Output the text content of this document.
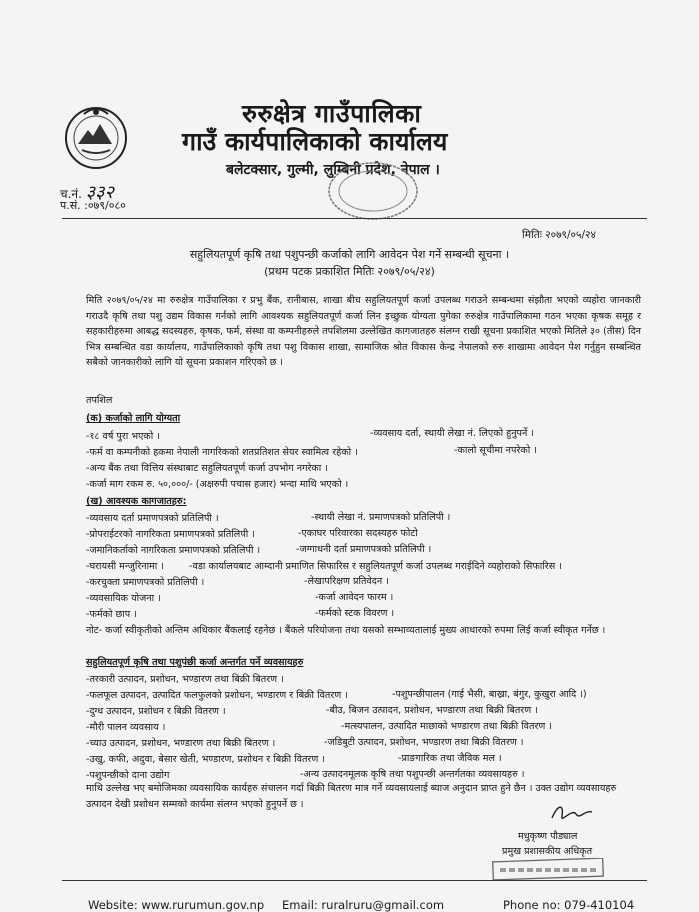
रुरुक्षेत्र गाउँपालिका
गाउँ कार्यपालिकाको कार्यालय
बलेटक्सार, गुल्मी, लुम्बिनी प्रदेश, नेपाल ।
च.नं. ३३२
प.सं. :०७९/०८०
मितिः २०७९/०५/२४
सहुलियतपूर्ण कृषि तथा पशुपन्छी कर्जाको लागि आवेदन पेश गर्ने सम्बन्धी सूचना ।
(प्रथम पटक प्रकाशित मितिः २०७९/०५/२४)
मिति २०७९/०५/२४ मा रुरुक्षेत्र गाउँपालिका र प्रभु बैंक, रानीबास, शाखा बीच सहुलियतपूर्ण कर्जा उपलब्ध गराउने सम्बन्धमा संझौता भएको व्यहोरा जानकारी गराउदै कृषि तथा पशु उद्यम विकास गर्नको लागि आवश्यक सहुलियतपूर्ण कर्जा लिन इच्छुक योग्यता पुगेका रुरुक्षेत्र गाउँपालिकामा गठन भएका कृषक समूह र सहकारीहरुमा आबद्ध सदस्यहरु, कृषक, फर्म, संस्था वा कम्पनीहरुले तपशिलमा उल्लेखित कागजातहरु संलग्न राखी सूचना प्रकाशित भएको मितिले ३० (तीस) दिन भित्र सम्बन्धित वडा कार्यालय, गाउँपालिकाको कृषि तथा पशु विकास शाखा, सामाजिक श्रोत विकास केन्द्र नेपालको रुरु शाखामा आवेदन पेश गर्नुहुन सम्बन्धित सबैको जानकारीको लागि यो सूचना प्रकाशन गरिएको छ ।
तपशिल
(क) कर्जाको लागि योग्यता
-१८ वर्ष पुरा भएको ।	-व्यवसाय दर्ता, स्थायी लेखा नं. लिएको हुनुपर्ने ।
-फर्म वा कम्पनीको हकमा नेपाली नागरिकको शतप्रतिशत सेयर स्वामित्व रहेको ।	-कालो सूचीमा नपरेको ।
-अन्य बैंक तथा वित्तिय संस्थाबाट सहुलियतपूर्ण कर्जा उपभोग नगरेका ।
-कर्जा माग रकम रु. ५०,०००/- (अक्षरुपी पचास हजार) भन्दा माथि भएको ।
(ख) आवश्यक कागजातहरु:
-व्यवसाय दर्ता प्रमाणपत्रको प्रतिलिपी ।	-स्थायी लेखा नं. प्रमाणपत्रको प्रतिलिपी ।
-प्रोपराईटरको नागरिकता प्रमाणपत्रको प्रतिलिपी ।	-एकाघर परिवारका सदस्यहरु फोटो
-जमानिकर्ताको नागरिकता प्रमाणपत्रको प्रतिलिपी ।	-जग्गाधनी दर्ता प्रमाणपत्रको प्रतिलिपी ।
-घरायसी मन्जुरिनामा ।	-वडा कार्यालयबाट आम्दानी प्रमाणित सिफारिस र सहुलियतपूर्ण कर्जा उपलब्ध गराईदिने व्यहोराको सिफारिस ।
-करचुक्ता प्रमाणपत्रको प्रतिलिपी ।	-लेखापरिक्षण प्रतिवेदन ।
-व्यवसायिक योजना ।	-कर्जा आवेदन फारम ।
-फर्मको छाप ।	-फर्मको स्टक विवरण ।
नोट- कर्जा स्वीकृतीको अन्तिम अधिकार बैंकलाई रहनेछ । बैंकले परियोजना तथा यसको सम्भाव्यतालाई मुख्य आधारको रुपमा लिई कर्जा स्वीकृत गर्नेछ ।
सहुलियतपूर्ण कृषि तथा पशुपंछी कर्जा अन्तर्गत पर्ने व्यवसायहरु
-तरकारी उत्पादन, प्रशोधन, भण्डारण तथा बिक्री बितरण ।
-फलफूल उत्पादन, उत्पादित फलफुलको प्रशोधन, भण्डारण र बिक्री वितरण ।	-पशुपन्छीपालन (गाई भैसी, बाख्रा, बंगुर, कुखुरा आदि ।)
-दुग्ध उत्पादन, प्रशोधन र बिक्री वितरण ।	-बीउ, बिजन उत्पादन, प्रशोधन, भण्डारण तथा बिक्री बितरण ।
-मौरी पालन व्यवसाय ।	-मत्स्यपालन, उत्पादित माछाको भण्डारण तथा बिक्री वितरण ।
-च्याउ उत्पादन, प्रशोधन, भण्डारण तथा बिक्री बितरण ।	-जडिबुटी उत्पादन, प्रशोधन, भण्डारण तथा बिक्री वितरण ।
-उखु, कफी, अदुवा, बेसार खेती, भण्डारण, प्रशोधन र बिक्री वितरण ।	-प्राङगारिक तथा जैविक मल ।
-पशुपन्छीको दाना उद्योग	-अन्य उत्पादनमूलक कृषि तथा पशुपन्छी अन्तर्गतका व्यवसायहरु ।
माथि उल्लेख भए बमोजिमका व्यवसायिक कार्यहरु संचालन गर्दा बिक्री बितरण मात्र गर्ने व्यवसायलाई ब्याज अनुदान प्राप्त हुने छैन । उक्त उद्योग व्यवसायहरु उत्पादन देखी प्रशोधन सम्मको कार्यमा संलग्न भएको हुनुपर्ने छ ।
मधुकृष्ण पौड्याल
प्रमुख प्रशासकीय अधिकृत
Website: www.rurumun.gov.np Email: ruralruru@gmail.com	Phone no: 079-410104
